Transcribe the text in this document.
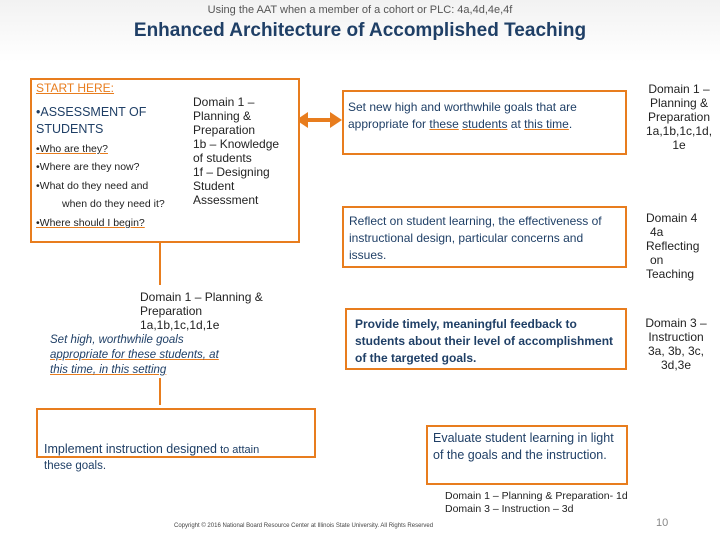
Using the AAT when a member of a cohort or PLC: 4a,4d,4e,4f
Enhanced Architecture of Accomplished Teaching
START HERE:
•ASSESSMENT OF STUDENTS
•Who are they?
•Where are they now?
•What do they need and
when do they need it?
•Where should I begin?
Domain 1 –
Planning &
Preparation
1b – Knowledge
of students
1f – Designing
Student
Assessment
Set new high and worthwhile goals that are appropriate for these students at this time.
Domain 1 –
Planning &
Preparation
1a,1b,1c,1d,
1e
Reflect on student learning, the effectiveness of instructional design, particular concerns and issues.
Domain 4
4a
Reflecting
on
Teaching
Provide timely, meaningful feedback to students about their level of accomplishment of the targeted goals.
Domain 3 –
Instruction
3a, 3b, 3c,
3d,3e
Domain 1 – Planning &
Preparation
1a,1b,1c,1d,1e
Set high, worthwhile goals
appropriate for these students, at
this time, in this setting
Implement instruction designed to attain
these goals.
Evaluate student learning in light of the goals and the instruction.
Domain 1 – Planning & Preparation- 1d
Domain 3 – Instruction – 3d
Copyright © 2016 National Board Resource Center at Illinois State University. All Rights Reserved	10
